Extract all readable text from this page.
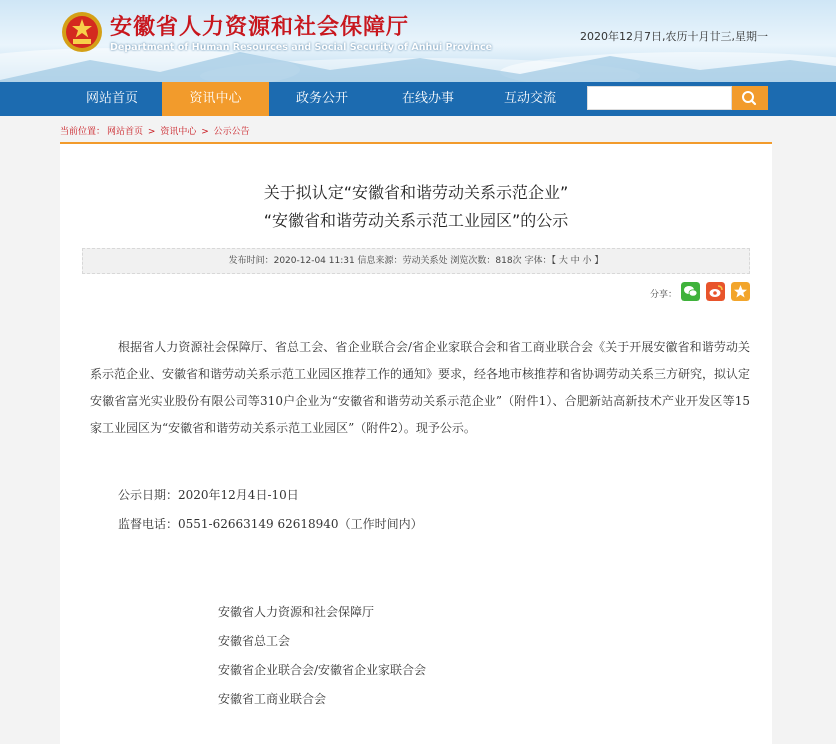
安徽省人力资源和社会保障厅
Department of Human Resources and Social Security of Anhui Province
2020年12月7日,农历十月廿三,星期一
网站首页	资讯中心	政务公开	在线办事	互动交流
当前位置： 网站首页 > 资讯中心 > 公示公告
关于拟认定“安徽省和谐劳动关系示范企业”
“安徽省和谐劳动关系示范工业园区”的公示
发布时间：2020-12-04 11:31 信息来源：劳动关系处 浏览次数：818次 字体：【 大 中 小 】
分享：
根据省人力资源社会保障厅、省总工会、省企业联合会/省企业家联合会和省工商业联合会《关于开展安徽省和谐劳动关系示范企业、安徽省和谐劳动关系示范工业园区推荐工作的通知》要求，经各地市核推荐和省协调劳动关系三方研究，拟认定安徽省富光实业股份有限公司等310户企业为“安徽省和谐劳动关系示范企业”（附件1）、合肥新站高新技术产业开发区等15家工业园区为“安徽省和谐劳动关系示范工业园区”（附件2）。现予公示。
公示日期：2020年12月4日-10日
监督电话：0551-62663149 62618940（工作时间内）
安徽省人力资源和社会保障厅
安徽省总工会
安徽省企业联合会/安徽省企业家联合会
安徽省工商业联合会
